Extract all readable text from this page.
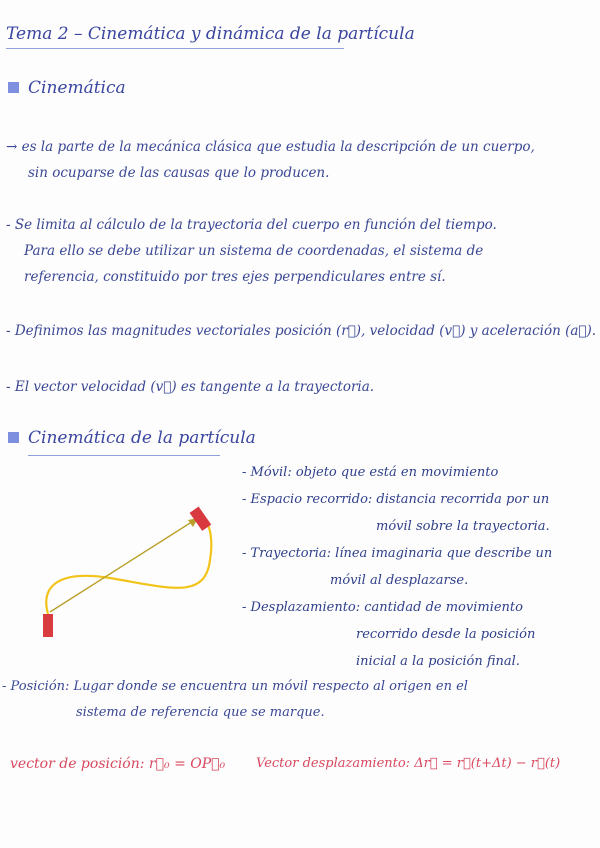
Tema 2 – Cinemática y dinámica de la partícula
Cinemática
→ es la parte de la mecánica clásica que estudia la descripción de un cuerpo,
sin ocuparse de las causas que lo producen.
- Se limita al cálculo de la trayectoria del cuerpo en función del tiempo.
Para ello se debe utilizar un sistema de coordenadas, el sistema de
referencia, constituido por tres ejes perpendiculares entre sí.
- Definimos las magnitudes vectoriales posición (r⃗), velocidad (v⃗) y aceleración (a⃗).
- El vector velocidad (v⃗) es tangente a la trayectoria.
Cinemática de la partícula
- Móvil: objeto que está en movimiento
- Espacio recorrido: distancia recorrida por un
móvil sobre la trayectoria.
- Trayectoria: línea imaginaria que describe un
móvil al desplazarse.
- Desplazamiento: cantidad de movimiento
recorrido desde la posición
inicial a la posición final.
- Posición: Lugar donde se encuentra un móvil respecto al origen en el
sistema de referencia que se marque.
vector de posición: r⃗₀ = OP⃗₀ Vector desplazamiento: Δr⃗ = r⃗(t+Δt) − r⃗(t)
